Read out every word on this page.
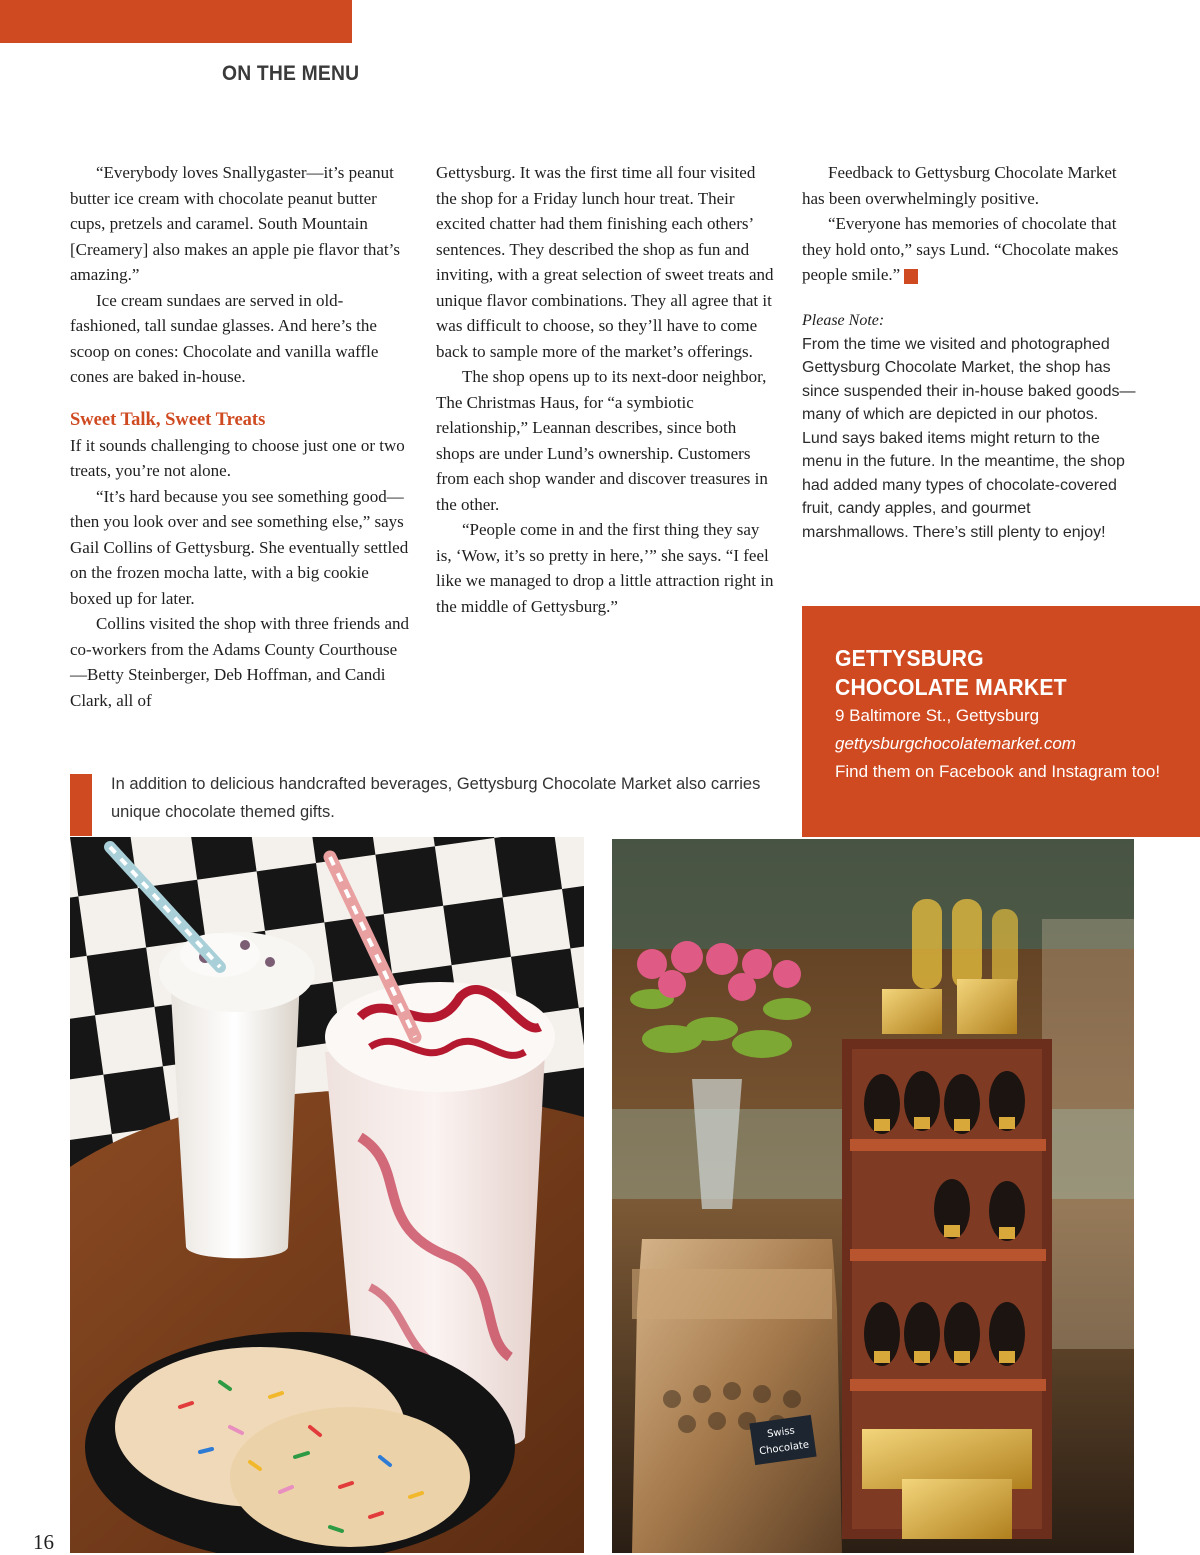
ON THE MENU

“Everybody loves Snallygaster—it’s peanut butter ice cream with chocolate peanut butter cups, pretzels and caramel. South Mountain [Creamery] also makes an apple pie flavor that’s amazing.”

Ice cream sundaes are served in old-fashioned, tall sundae glasses. And here’s the scoop on cones: Chocolate and vanilla waffle cones are baked in-house.

Sweet Talk, Sweet Treats

If it sounds challenging to choose just one or two treats, you’re not alone.

“It’s hard because you see something good—then you look over and see something else,” says Gail Collins of Gettysburg. She eventually settled on the frozen mocha latte, with a big cookie boxed up for later.

Collins visited the shop with three friends and co-workers from the Adams County Courthouse—Betty Steinberger, Deb Hoffman, and Candi Clark, all of

Gettysburg. It was the first time all four visited the shop for a Friday lunch hour treat. Their excited chatter had them finishing each others’ sentences. They described the shop as fun and inviting, with a great selection of sweet treats and unique flavor combinations. They all agree that it was difficult to choose, so they’ll have to come back to sample more of the market’s offerings.

The shop opens up to its next-door neighbor, The Christmas Haus, for “a symbiotic relationship,” Leannan describes, since both shops are under Lund’s ownership. Customers from each shop wander and discover treasures in the other.

“People come in and the first thing they say is, ‘Wow, it’s so pretty in here,’” she says. “I feel like we managed to drop a little attraction right in the middle of Gettysburg.”

Feedback to Gettysburg Chocolate Market has been overwhelmingly positive.

“Everyone has memories of chocolate that they hold onto,” says Lund. “Chocolate makes people smile.”	G

Please Note:
From the time we visited and photographed Gettysburg Chocolate Market, the shop has since suspended their in-house baked goods—many of which are depicted in our photos. Lund says baked items might return to the menu in the future. In the meantime, the shop had added many types of chocolate-covered fruit, candy apples, and gourmet marshmallows. There’s still plenty to enjoy!
GETTYSBURG
CHOCOLATE MARKET
9 Baltimore St., Gettysburg
gettysburgchocolatemarket.com
Find them on Facebook and Instagram too!
In addition to delicious handcrafted beverages, Gettysburg Chocolate Market also carries unique chocolate themed gifts.
Swiss
Chocolate
16
